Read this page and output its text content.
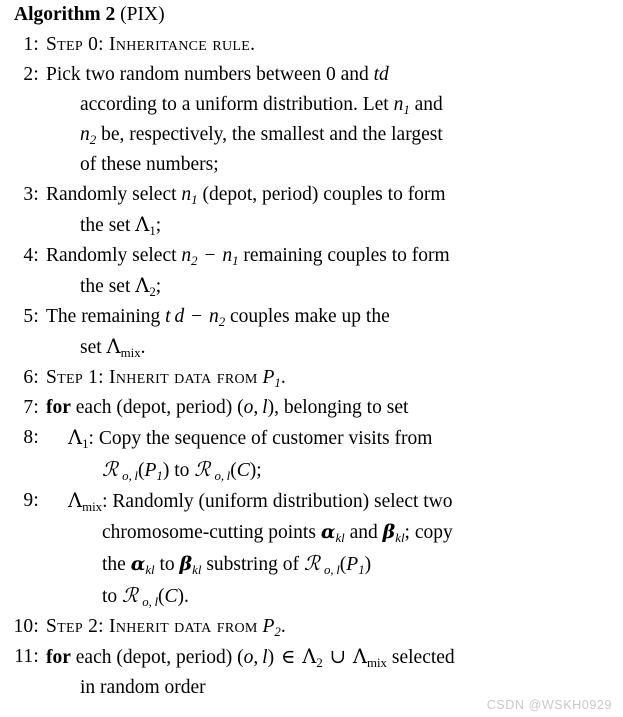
Algorithm 2 (PIX)
1: Step 0: Inheritance rule.
2: Pick two random numbers between 0 and td
according to a uniform distribution. Let $n_1$ and
$n_2$ be, respectively, the smallest and the largest
of these numbers;
3: Randomly select $n_1$ (depot, period) couples to form
the set $\Lambda_1$;
4: Randomly select $n_2 - n_1$ remaining couples to form
the set $\Lambda_2$;
5: The remaining t $d - n_2$ couples make up the
set $\Lambda_{mix}$.
6: Step 1: Inherit data from $P_1$.
7: for each (depot, period) (o, l), belonging to set
8:	$\Lambda_1$: Copy the sequence of customer visits from
ℛ $_{o, l}(P_1)$ to ℛ $_{o, l}$(C);
9:	$\Lambda_{mix}$: Randomly (uniform distribution) select two
chromosome-cutting points $\alpha_{kl}$ and $\beta_{kl}$; copy
the $\alpha_{kl}$ to $\beta_{kl}$ substring of ℛ $_{o, l}(P_1)$
to ℛ $_{o, l}$(C).
10: Step 2: Inherit data from $P_2$.
11: for each (depot, period) (o, l) ∈ $\Lambda_2$ ∪ $\Lambda_{mix}$ selected
in random order
CSDN @WSKH0929
